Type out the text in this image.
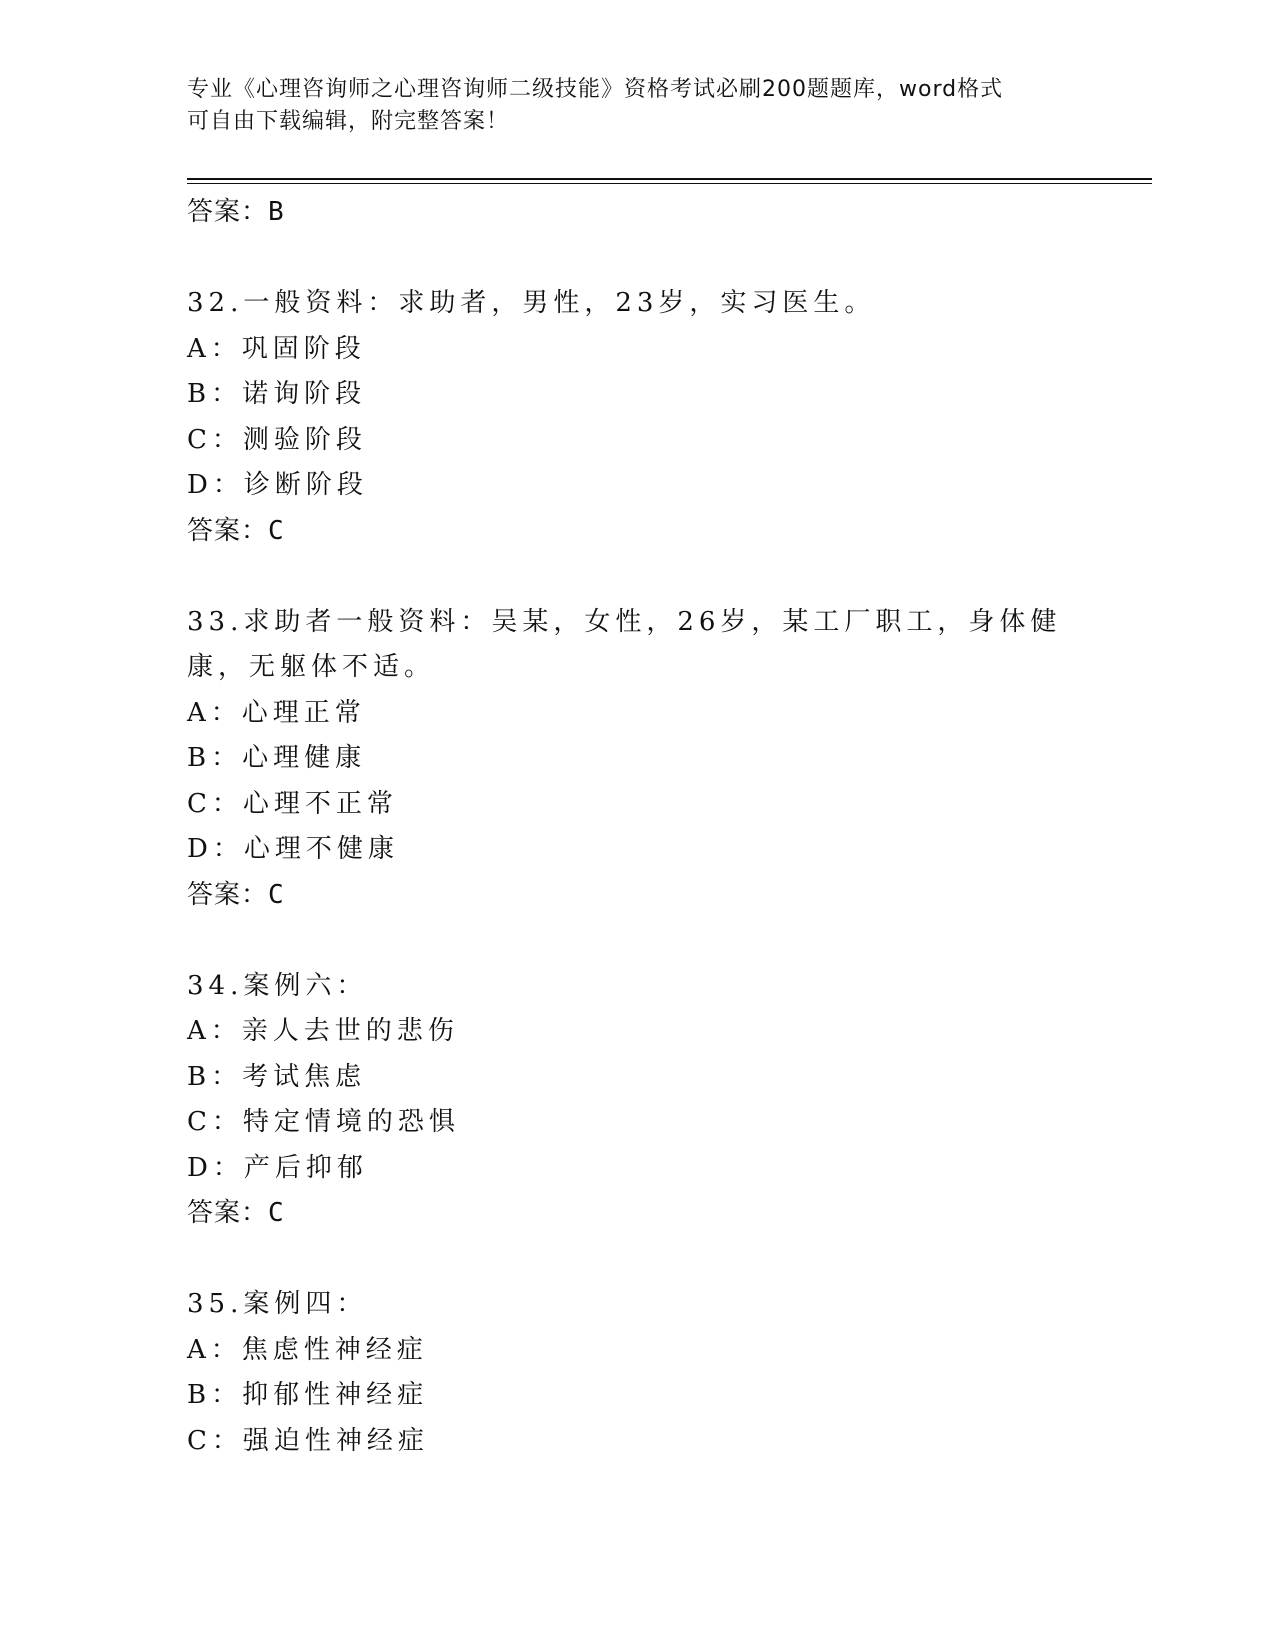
专业《心理咨询师之心理咨询师二级技能》资格考试必刷200题题库，word格式
可自由下载编辑，附完整答案！
答案：B
32.一般资料：求助者，男性，23岁，实习医生。
A：巩固阶段
B：诺询阶段
C：测验阶段
D：诊断阶段
答案：C
33.求助者一般资料：吴某，女性，26岁，某工厂职工，身体健康，无躯体不适。
A：心理正常
B：心理健康
C：心理不正常
D：心理不健康
答案：C
34.案例六：
A：亲人去世的悲伤
B：考试焦虑
C：特定情境的恐惧
D：产后抑郁
答案：C
35.案例四：
A：焦虑性神经症
B：抑郁性神经症
C：强迫性神经症
